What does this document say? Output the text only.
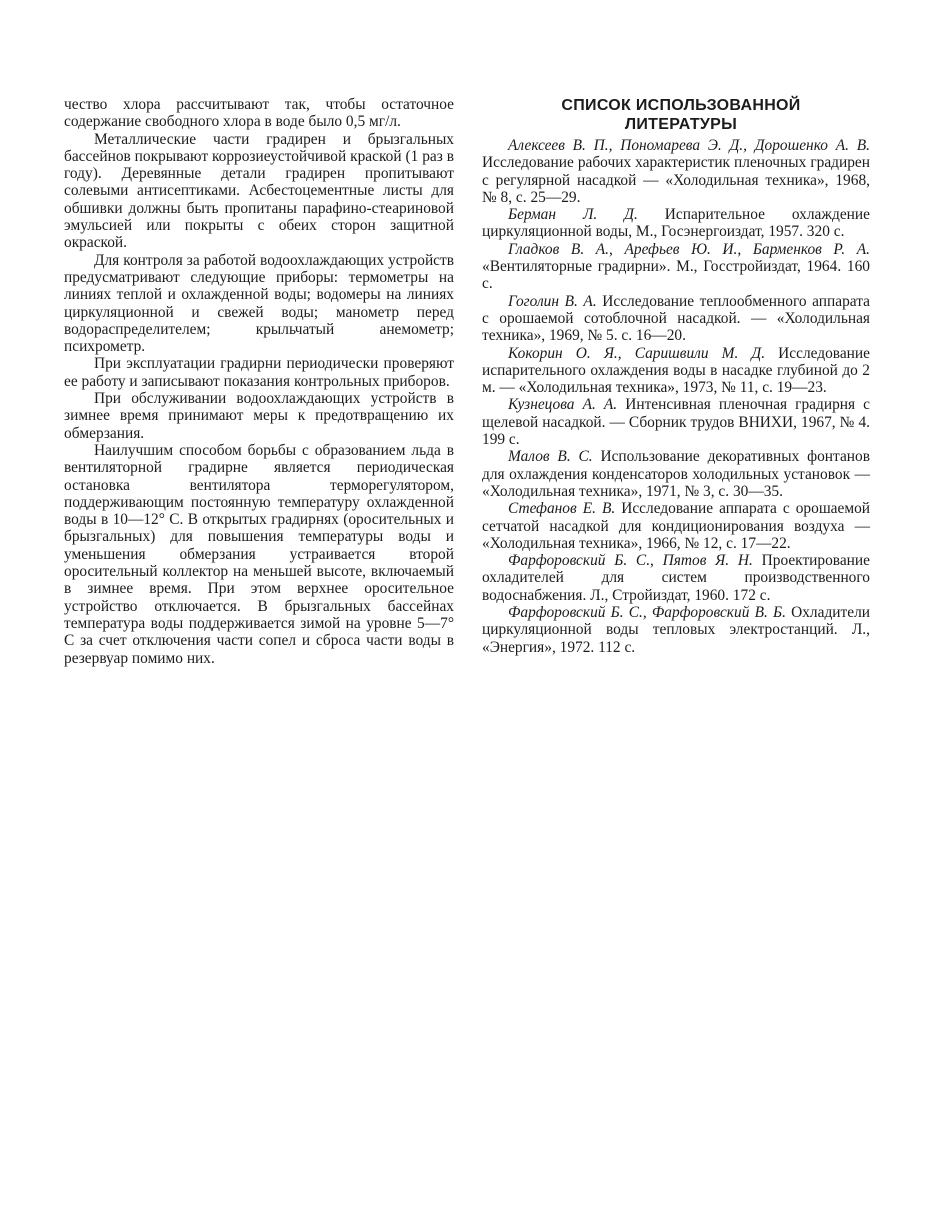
чество хлора рассчитывают так, чтобы остаточное содержание свободного хлора в воде было 0,5 мг/л.

Металлические части градирен и брызгальных бассейнов покрывают коррозиеустойчивой краской (1 раз в году). Деревянные детали градирен пропитывают солевыми антисептиками. Асбестоцементные листы для обшивки должны быть пропитаны парафино-стеариновой эмульсией или покрыты с обеих сторон защитной окраской.

Для контроля за работой водоохлаждающих устройств предусматривают следующие приборы: термометры на линиях теплой и охлажденной воды; водомеры на линиях циркуляционной и свежей воды; манометр перед водораспределителем; крыльчатый анемометр; психрометр.

При эксплуатации градирни периодически проверяют ее работу и записывают показания контрольных приборов.

При обслуживании водоохлаждающих устройств в зимнее время принимают меры к предотвращению их обмерзания.

Наилучшим способом борьбы с образованием льда в вентиляторной градирне является периодическая остановка вентилятора терморегулятором, поддерживающим постоянную температуру охлажденной воды в 10—12° С. В открытых градирнях (оросительных и брызгальных) для повышения температуры воды и уменьшения обмерзания устраивается второй оросительный коллектор на меньшей высоте, включаемый в зимнее время. При этом верхнее оросительное устройство отключается. В брызгальных бассейнах температура воды поддерживается зимой на уровне 5—7° С за счет отключения части сопел и сброса части воды в резервуар помимо них.

СПИСОК ИСПОЛЬЗОВАННОЙ
ЛИТЕРАТУРЫ

Алексеев В. П., Пономарева Э. Д., Дорошенко А. В. Исследование рабочих характеристик пленочных градирен с регулярной насадкой — «Холодильная техника», 1968, № 8, с. 25—29.

Берман Л. Д. Испарительное охлаждение циркуляционной воды, М., Госэнергоиздат, 1957. 320 с.

Гладков В. А., Арефьев Ю. И., Барменков Р. А. «Вентиляторные градирни». М., Госстройиздат, 1964. 160 с.

Гоголин В. А. Исследование теплообменного аппарата с орошаемой сотоблочной насадкой. — «Холодильная техника», 1969, № 5. с. 16—20.

Кокорин О. Я., Саришвили М. Д. Исследование испарительного охлаждения воды в насадке глубиной до 2 м. — «Холодильная техника», 1973, № 11, с. 19—23.

Кузнецова А. А. Интенсивная пленочная градирня с щелевой насадкой. — Сборник трудов ВНИХИ, 1967, № 4. 199 с.

Малов В. С. Использование декоративных фонтанов для охлаждения конденсаторов холодильных установок — «Холодильная техника», 1971, № 3, с. 30—35.

Стефанов Е. В. Исследование аппарата с орошаемой сетчатой насадкой для кондиционирования воздуха — «Холодильная техника», 1966, № 12, с. 17—22.

Фарфоровский Б. С., Пятов Я. Н. Проектирование охладителей для систем производственного водоснабжения. Л., Стройиздат, 1960. 172 с.

Фарфоровский Б. С., Фарфоровский В. Б. Охладители циркуляционной воды тепловых электростанций. Л., «Энергия», 1972. 112 с.
